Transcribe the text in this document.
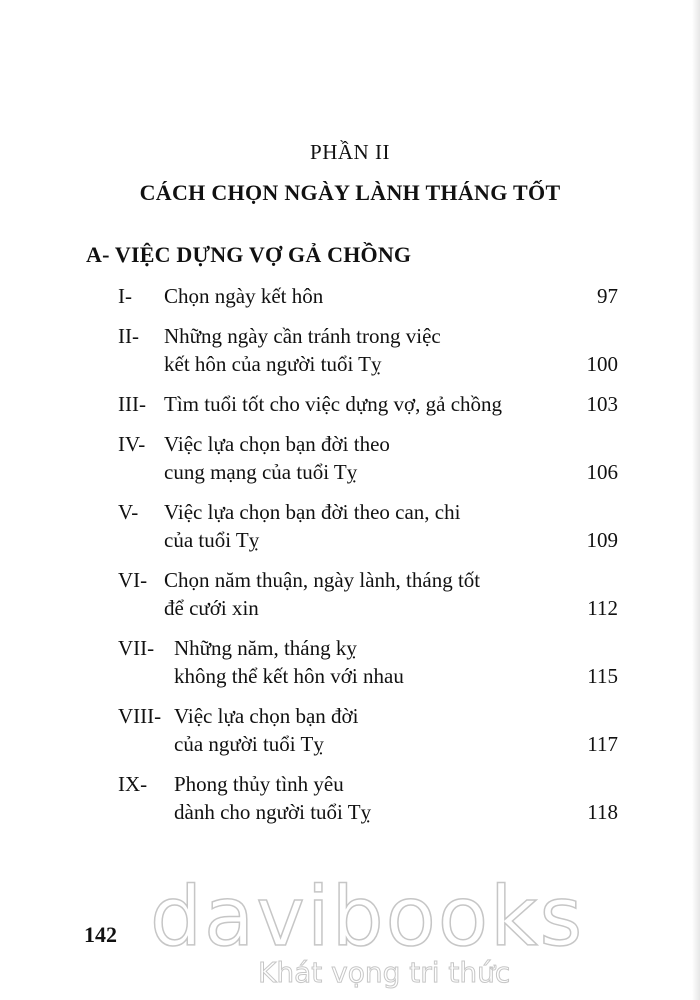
PHẦN II
CÁCH CHỌN NGÀY LÀNH THÁNG TỐT
A- VIỆC DỰNG VỢ GẢ CHỒNG
I- Chọn ngày kết hôn	97
II- Những ngày cần tránh trong việc
kết hôn của người tuổi Tỵ	100
III- Tìm tuổi tốt cho việc dựng vợ, gả chồng	103
IV- Việc lựa chọn bạn đời theo
cung mạng của tuổi Tỵ	106
V- Việc lựa chọn bạn đời theo can, chi
của tuổi Tỵ	109
VI- Chọn năm thuận, ngày lành, tháng tốt
để cưới xin	112
VII- Những năm, tháng kỵ
không thể kết hôn với nhau	115
VIII- Việc lựa chọn bạn đời
của người tuổi Tỵ	117
IX- Phong thủy tình yêu
dành cho người tuổi Tỵ	118
142 davibooks
Khát vọng tri thức
